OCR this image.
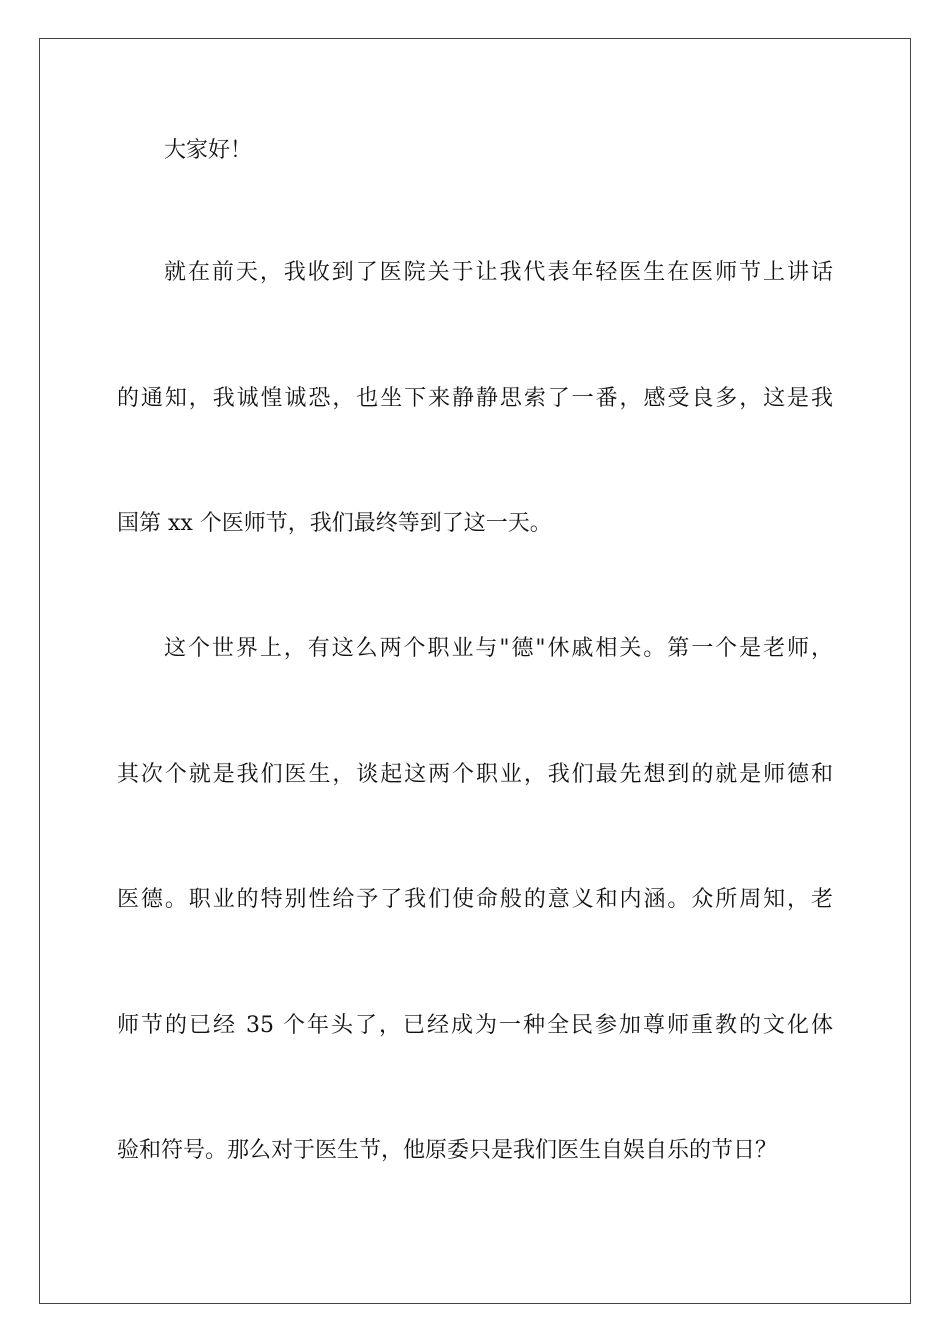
大家好！
就在前天，我收到了医院关于让我代表年轻医生在医师节上讲话
的通知，我诚惶诚恐，也坐下来静静思索了一番，感受良多，这是我
国第 xx 个医师节，我们最终等到了这一天。
这个世界上，有这么两个职业与"德"休戚相关。第一个是老师，
其次个就是我们医生，谈起这两个职业，我们最先想到的就是师德和
医德。职业的特别性给予了我们使命般的意义和内涵。众所周知，老
师节的已经 35 个年头了，已经成为一种全民参加尊师重教的文化体
验和符号。那么对于医生节，他原委只是我们医生自娱自乐的节日？
